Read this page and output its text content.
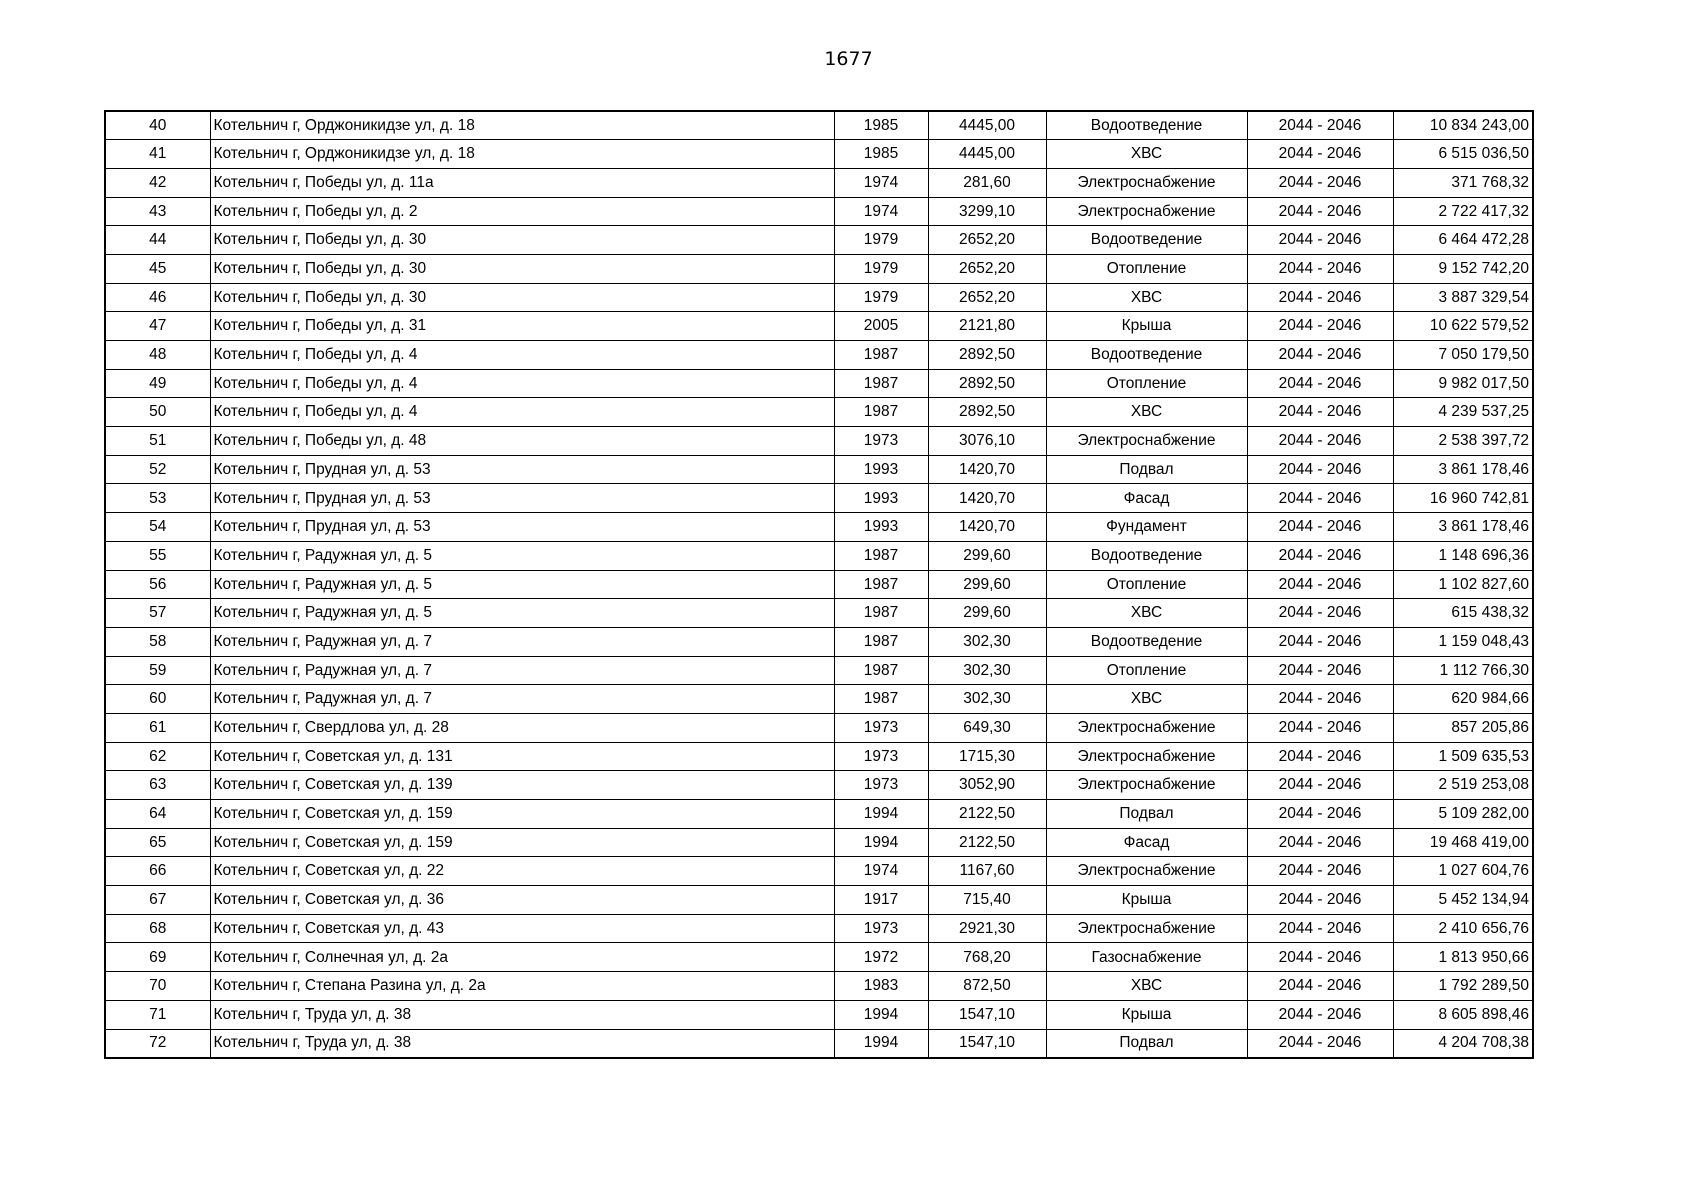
1677
40	Котельнич г, Орджоникидзе ул, д. 18	1985	4445,00	Водоотведение	2044 - 2046	10 834 243,00
41	Котельнич г, Орджоникидзе ул, д. 18	1985	4445,00	ХВС	2044 - 2046	6 515 036,50
42	Котельнич г, Победы ул, д. 11а	1974	281,60	Электроснабжение	2044 - 2046	371 768,32
43	Котельнич г, Победы ул, д. 2	1974	3299,10	Электроснабжение	2044 - 2046	2 722 417,32
44	Котельнич г, Победы ул, д. 30	1979	2652,20	Водоотведение	2044 - 2046	6 464 472,28
45	Котельнич г, Победы ул, д. 30	1979	2652,20	Отопление	2044 - 2046	9 152 742,20
46	Котельнич г, Победы ул, д. 30	1979	2652,20	ХВС	2044 - 2046	3 887 329,54
47	Котельнич г, Победы ул, д. 31	2005	2121,80	Крыша	2044 - 2046	10 622 579,52
48	Котельнич г, Победы ул, д. 4	1987	2892,50	Водоотведение	2044 - 2046	7 050 179,50
49	Котельнич г, Победы ул, д. 4	1987	2892,50	Отопление	2044 - 2046	9 982 017,50
50	Котельнич г, Победы ул, д. 4	1987	2892,50	ХВС	2044 - 2046	4 239 537,25
51	Котельнич г, Победы ул, д. 48	1973	3076,10	Электроснабжение	2044 - 2046	2 538 397,72
52	Котельнич г, Прудная ул, д. 53	1993	1420,70	Подвал	2044 - 2046	3 861 178,46
53	Котельнич г, Прудная ул, д. 53	1993	1420,70	Фасад	2044 - 2046	16 960 742,81
54	Котельнич г, Прудная ул, д. 53	1993	1420,70	Фундамент	2044 - 2046	3 861 178,46
55	Котельнич г, Радужная ул, д. 5	1987	299,60	Водоотведение	2044 - 2046	1 148 696,36
56	Котельнич г, Радужная ул, д. 5	1987	299,60	Отопление	2044 - 2046	1 102 827,60
57	Котельнич г, Радужная ул, д. 5	1987	299,60	ХВС	2044 - 2046	615 438,32
58	Котельнич г, Радужная ул, д. 7	1987	302,30	Водоотведение	2044 - 2046	1 159 048,43
59	Котельнич г, Радужная ул, д. 7	1987	302,30	Отопление	2044 - 2046	1 112 766,30
60	Котельнич г, Радужная ул, д. 7	1987	302,30	ХВС	2044 - 2046	620 984,66
61	Котельнич г, Свердлова ул, д. 28	1973	649,30	Электроснабжение	2044 - 2046	857 205,86
62	Котельнич г, Советская ул, д. 131	1973	1715,30	Электроснабжение	2044 - 2046	1 509 635,53
63	Котельнич г, Советская ул, д. 139	1973	3052,90	Электроснабжение	2044 - 2046	2 519 253,08
64	Котельнич г, Советская ул, д. 159	1994	2122,50	Подвал	2044 - 2046	5 109 282,00
65	Котельнич г, Советская ул, д. 159	1994	2122,50	Фасад	2044 - 2046	19 468 419,00
66	Котельнич г, Советская ул, д. 22	1974	1167,60	Электроснабжение	2044 - 2046	1 027 604,76
67	Котельнич г, Советская ул, д. 36	1917	715,40	Крыша	2044 - 2046	5 452 134,94
68	Котельнич г, Советская ул, д. 43	1973	2921,30	Электроснабжение	2044 - 2046	2 410 656,76
69	Котельнич г, Солнечная ул, д. 2а	1972	768,20	Газоснабжение	2044 - 2046	1 813 950,66
70	Котельнич г, Степана Разина ул, д. 2а	1983	872,50	ХВС	2044 - 2046	1 792 289,50
71	Котельнич г, Труда ул, д. 38	1994	1547,10	Крыша	2044 - 2046	8 605 898,46
72	Котельнич г, Труда ул, д. 38	1994	1547,10	Подвал	2044 - 2046	4 204 708,38
